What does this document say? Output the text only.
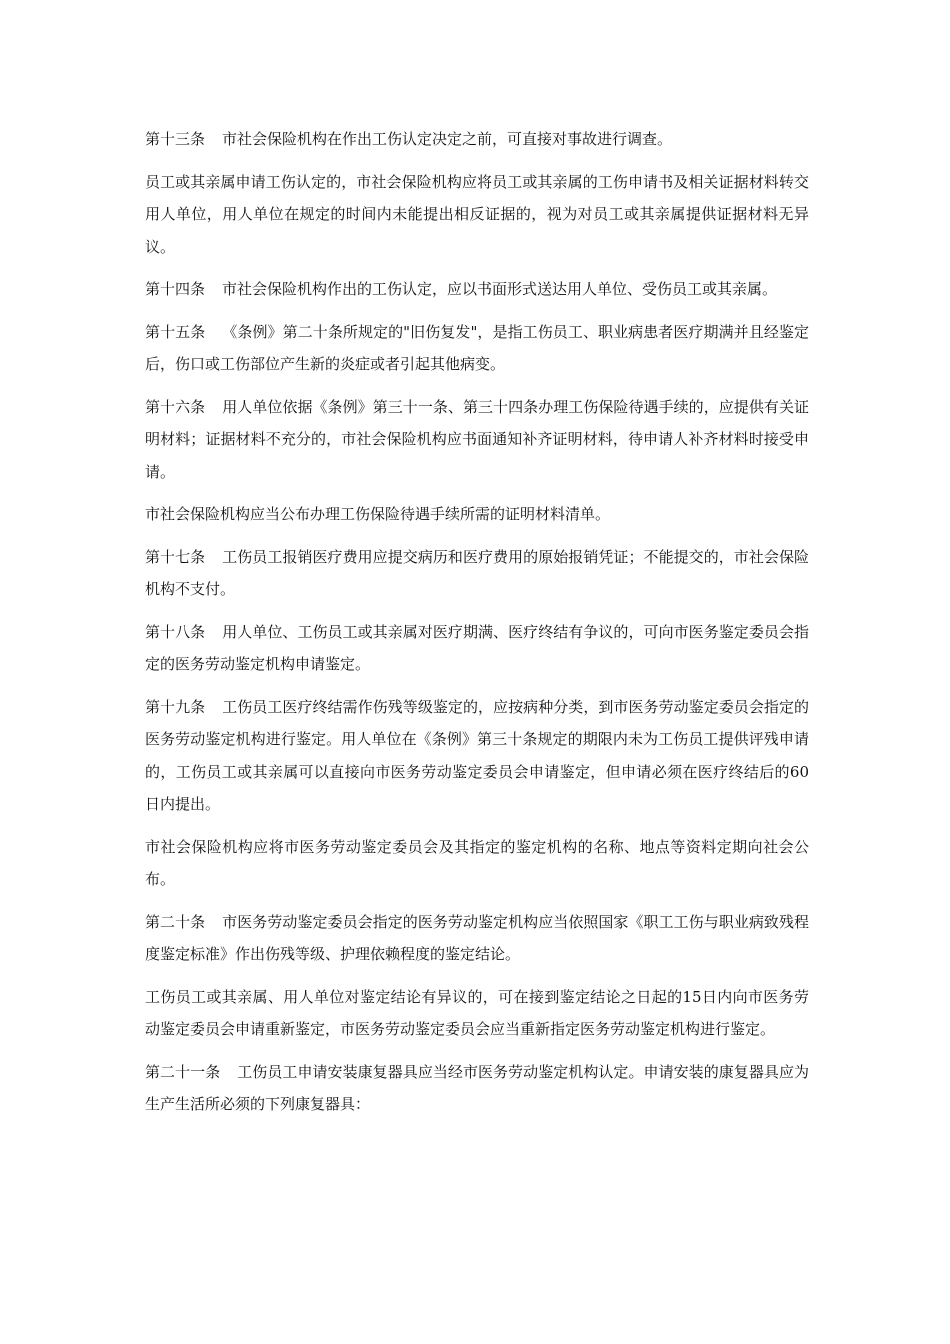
第十三条 市社会保险机构在作出工伤认定决定之前，可直接对事故进行调查。

员工或其亲属申请工伤认定的，市社会保险机构应将员工或其亲属的工伤申请书及相关证据材料转交用人单位，用人单位在规定的时间内未能提出相反证据的，视为对员工或其亲属提供证据材料无异议。

第十四条 市社会保险机构作出的工伤认定，应以书面形式送达用人单位、受伤员工或其亲属。

第十五条 《条例》第二十条所规定的"旧伤复发"，是指工伤员工、职业病患者医疗期满并且经鉴定后，伤口或工伤部位产生新的炎症或者引起其他病变。

第十六条 用人单位依据《条例》第三十一条、第三十四条办理工伤保险待遇手续的，应提供有关证明材料；证据材料不充分的，市社会保险机构应书面通知补齐证明材料，待申请人补齐材料时接受申请。

市社会保险机构应当公布办理工伤保险待遇手续所需的证明材料清单。

第十七条 工伤员工报销医疗费用应提交病历和医疗费用的原始报销凭证；不能提交的，市社会保险机构不支付。

第十八条 用人单位、工伤员工或其亲属对医疗期满、医疗终结有争议的，可向市医务鉴定委员会指定的医务劳动鉴定机构申请鉴定。

第十九条 工伤员工医疗终结需作伤残等级鉴定的，应按病种分类，到市医务劳动鉴定委员会指定的医务劳动鉴定机构进行鉴定。用人单位在《条例》第三十条规定的期限内未为工伤员工提供评残申请的，工伤员工或其亲属可以直接向市医务劳动鉴定委员会申请鉴定，但申请必须在医疗终结后的60日内提出。

市社会保险机构应将市医务劳动鉴定委员会及其指定的鉴定机构的名称、地点等资料定期向社会公布。

第二十条 市医务劳动鉴定委员会指定的医务劳动鉴定机构应当依照国家《职工工伤与职业病致残程度鉴定标准》作出伤残等级、护理依赖程度的鉴定结论。

工伤员工或其亲属、用人单位对鉴定结论有异议的，可在接到鉴定结论之日起的15日内向市医务劳动鉴定委员会申请重新鉴定，市医务劳动鉴定委员会应当重新指定医务劳动鉴定机构进行鉴定。

第二十一条 工伤员工申请安装康复器具应当经市医务劳动鉴定机构认定。申请安装的康复器具应为生产生活所必须的下列康复器具：
